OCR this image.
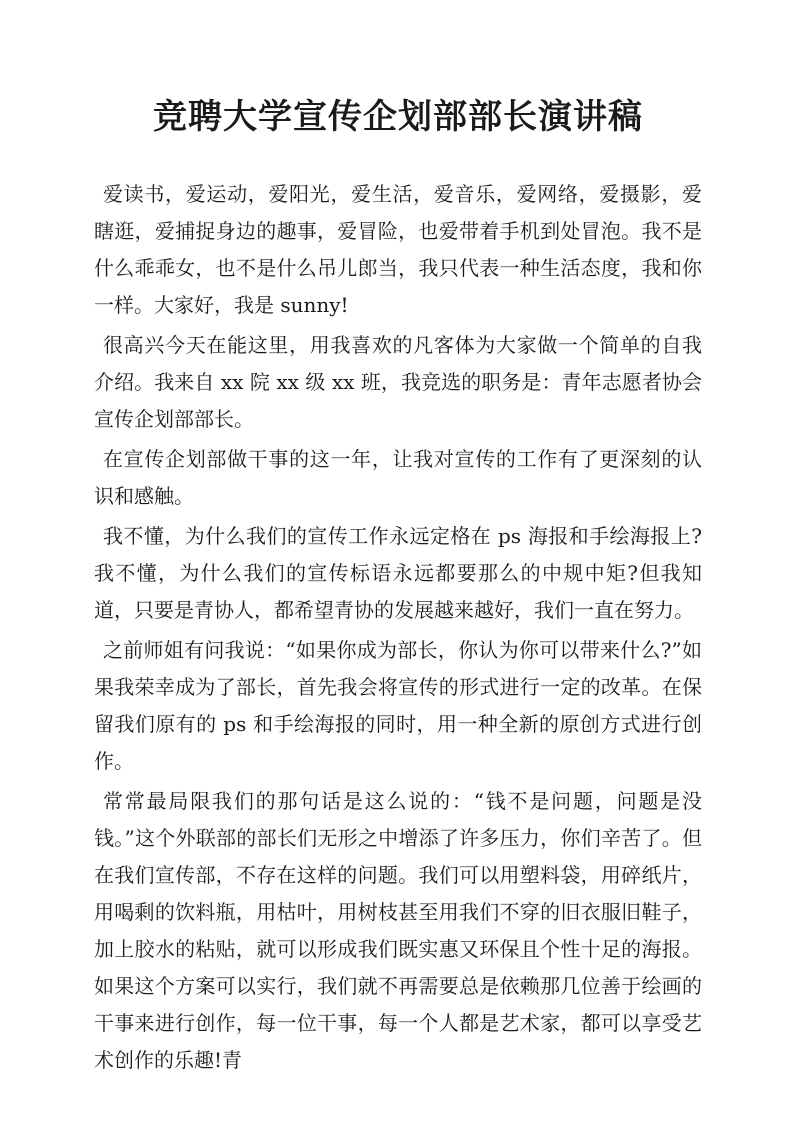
竞聘大学宣传企划部部长演讲稿

爱读书，爱运动，爱阳光，爱生活，爱音乐，爱网络，爱摄影，爱瞎逛，爱捕捉身边的趣事，爱冒险，也爱带着手机到处冒泡。我不是什么乖乖女，也不是什么吊儿郎当，我只代表一种生活态度，我和你一样。大家好，我是 sunny!

很高兴今天在能这里，用我喜欢的凡客体为大家做一个简单的自我介绍。我来自 xx 院 xx 级 xx 班，我竞选的职务是：青年志愿者协会宣传企划部部长。

在宣传企划部做干事的这一年，让我对宣传的工作有了更深刻的认识和感触。

我不懂，为什么我们的宣传工作永远定格在 ps 海报和手绘海报上?我不懂，为什么我们的宣传标语永远都要那么的中规中矩?但我知道，只要是青协人，都希望青协的发展越来越好，我们一直在努力。

之前师姐有问我说：“如果你成为部长，你认为你可以带来什么?”如果我荣幸成为了部长，首先我会将宣传的形式进行一定的改革。在保留我们原有的 ps 和手绘海报的同时，用一种全新的原创方式进行创作。

常常最局限我们的那句话是这么说的：“钱不是问题，问题是没钱。”这个外联部的部长们无形之中增添了许多压力，你们辛苦了。但在我们宣传部，不存在这样的问题。我们可以用塑料袋，用碎纸片，用喝剩的饮料瓶，用枯叶，用树枝甚至用我们不穿的旧衣服旧鞋子，加上胶水的粘贴，就可以形成我们既实惠又环保且个性十足的海报。如果这个方案可以实行，我们就不再需要总是依赖那几位善于绘画的干事来进行创作，每一位干事，每一个人都是艺术家，都可以享受艺术创作的乐趣!青
